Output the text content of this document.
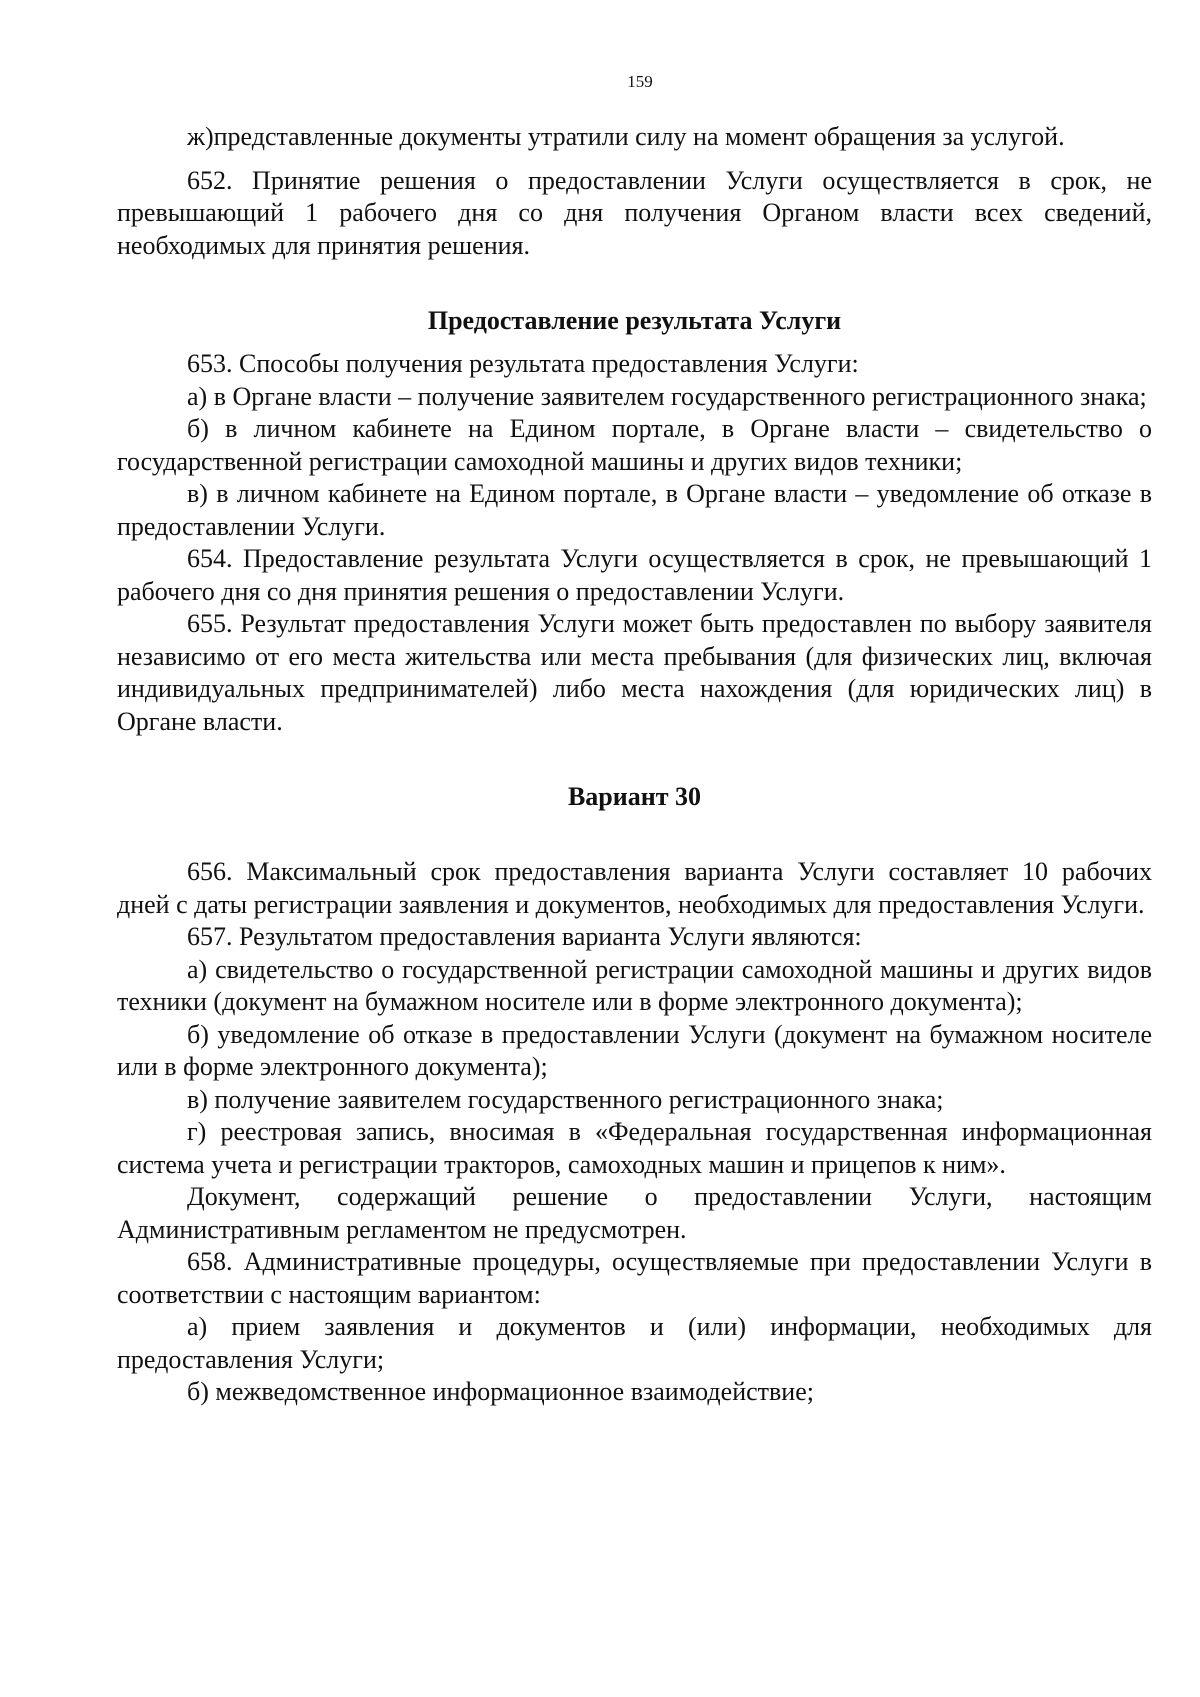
159

ж)представленные документы утратили силу на момент обращения за услугой.

652. Принятие решения о предоставлении Услуги осуществляется в срок, не превышающий 1 рабочего дня со дня получения Органом власти всех сведений, необходимых для принятия решения.

Предоставление результата Услуги

653. Способы получения результата предоставления Услуги:

а) в Органе власти – получение заявителем государственного регистрационного знака;

б) в личном кабинете на Едином портале, в Органе власти – свидетельство о государственной регистрации самоходной машины и других видов техники;

в) в личном кабинете на Едином портале, в Органе власти – уведомление об отказе в предоставлении Услуги.

654. Предоставление результата Услуги осуществляется в срок, не превышающий 1 рабочего дня со дня принятия решения о предоставлении Услуги.

655. Результат предоставления Услуги может быть предоставлен по выбору заявителя независимо от его места жительства или места пребывания (для физических лиц, включая индивидуальных предпринимателей) либо места нахождения (для юридических лиц) в Органе власти.

Вариант 30

656. Максимальный срок предоставления варианта Услуги составляет 10 рабочих дней с даты регистрации заявления и документов, необходимых для предоставления Услуги.

657. Результатом предоставления варианта Услуги являются:

а) свидетельство о государственной регистрации самоходной машины и других видов техники (документ на бумажном носителе или в форме электронного документа);

б) уведомление об отказе в предоставлении Услуги (документ на бумажном носителе или в форме электронного документа);

в) получение заявителем государственного регистрационного знака;

г) реестровая запись, вносимая в «Федеральная государственная информационная система учета и регистрации тракторов, самоходных машин и прицепов к ним».

Документ, содержащий решение о предоставлении Услуги, настоящим Административным регламентом не предусмотрен.

658. Административные процедуры, осуществляемые при предоставлении Услуги в соответствии с настоящим вариантом:

а) прием заявления и документов и (или) информации, необходимых для предоставления Услуги;

б) межведомственное информационное взаимодействие;
